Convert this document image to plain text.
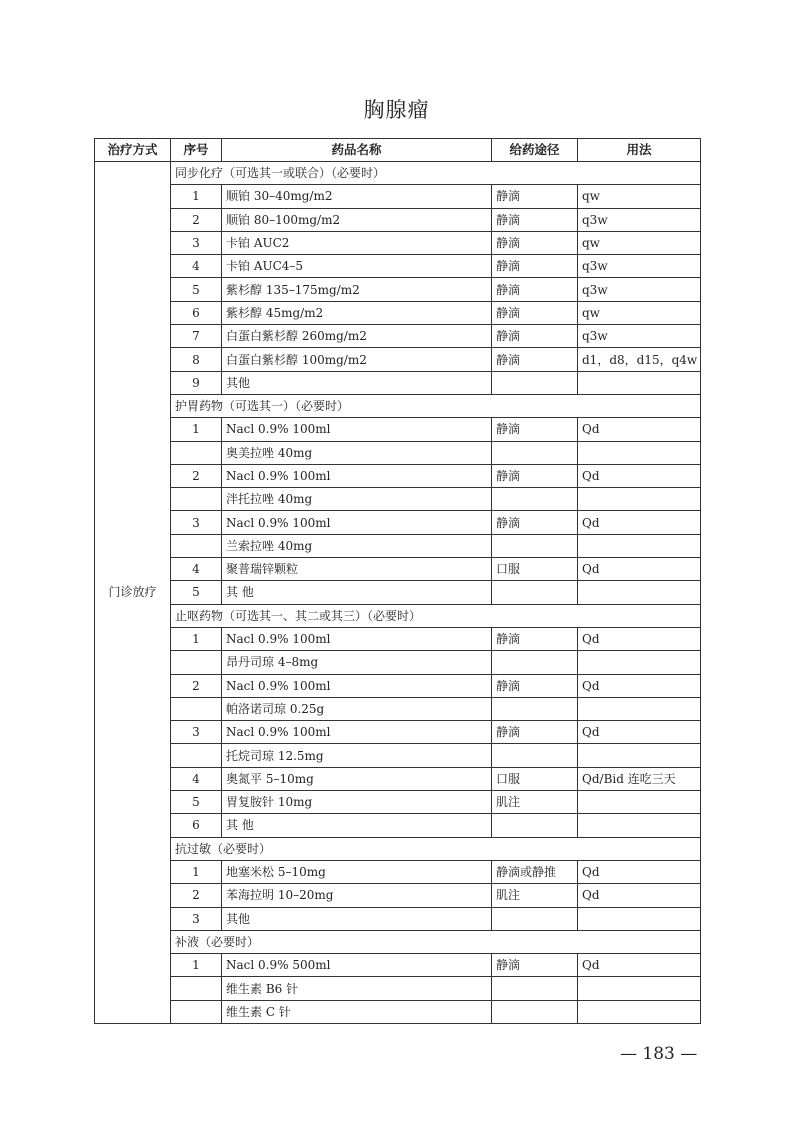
胸腺瘤
治疗方式	序号	药品名称	给药途径	用法
门诊放疗	同步化疗（可选其一或联合）（必要时）			
	1	顺铂 30–40mg/m2	静滴	qw
	2	顺铂 80–100mg/m2	静滴	q3w
	3	卡铂 AUC2	静滴	qw
	4	卡铂 AUC4–5	静滴	q3w
	5	紫杉醇 135–175mg/m2	静滴	q3w
	6	紫杉醇 45mg/m2	静滴	qw
	7	白蛋白紫杉醇 260mg/m2	静滴	q3w
	8	白蛋白紫杉醇 100mg/m2	静滴	d1，d8，d15，q4w
	9	其他		
	护胃药物（可选其一）（必要时）			
	1	Nacl 0.9% 100ml	静滴	Qd
		奥美拉唑 40mg		
	2	Nacl 0.9% 100ml	静滴	Qd
		泮托拉唑 40mg		
	3	Nacl 0.9% 100ml	静滴	Qd
		兰索拉唑 40mg		
	4	聚普瑞锌颗粒	口服	Qd
	5	其 他		
	止呕药物（可选其一、其二或其三）（必要时）			
	1	Nacl 0.9% 100ml	静滴	Qd
		昂丹司琼 4–8mg		
	2	Nacl 0.9% 100ml	静滴	Qd
		帕洛诺司琼 0.25g		
	3	Nacl 0.9% 100ml	静滴	Qd
		托烷司琼 12.5mg		
	4	奥氮平 5–10mg	口服	Qd/Bid 连吃三天
	5	胃复胺针 10mg	肌注	
	6	其 他		
	抗过敏（必要时）			
	1	地塞米松 5–10mg	静滴或静推	Qd
	2	苯海拉明 10–20mg	肌注	Qd
	3	其他		
	补液（必要时）			
	1	Nacl 0.9% 500ml	静滴	Qd
		维生素 B6 针		
		维生素 C 针		
— 183 —
